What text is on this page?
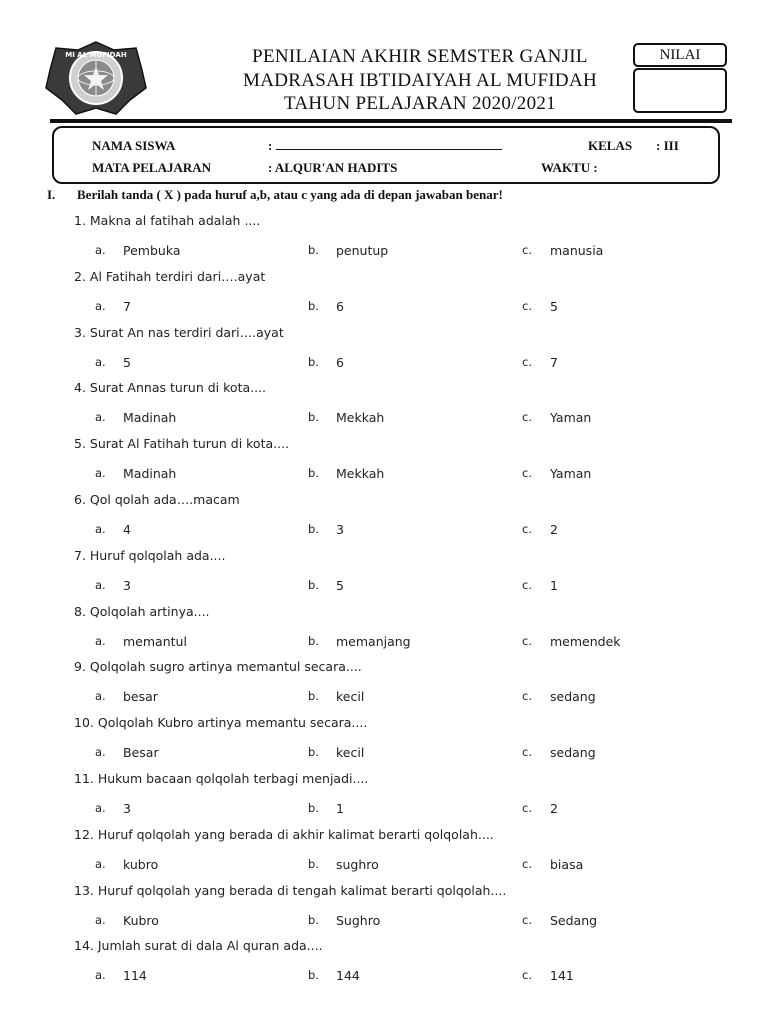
MI AL MUFIDAH	PENILAIAN AKHIR SEMSTER GANJIL
MADRASAH IBTIDAIYAH AL MUFIDAH
TAHUN PELAJARAN 2020/2021
NILAI
NAMA SISWA	:	KELAS : III
MATA PELAJARAN	: ALQUR'AN HADITS	WAKTU :
I. Berilah tanda ( X ) pada huruf a,b, atau c yang ada di depan jawaban benar!
1. Makna al fatihah adalah ....
a. Pembuka	b. penutup	c. manusia
2. Al Fatihah terdiri dari….ayat
a. 7	b. 6	c. 5
3. Surat An nas terdiri dari….ayat
a. 5	b. 6	c. 7
4. Surat Annas turun di kota....
a. Madinah	b. Mekkah	c. Yaman
5. Surat Al Fatihah turun di kota....
a. Madinah	b. Mekkah	c. Yaman
6. Qol qolah ada….macam
a. 4	b. 3	c. 2
7. Huruf qolqolah ada....
a. 3	b. 5	c. 1
8. Qolqolah artinya....
a. memantul	b. memanjang	c. memendek
9. Qolqolah sugro artinya memantul secara....
a. besar	b. kecil	c. sedang
10. Qolqolah Kubro artinya memantu secara....
a. Besar	b. kecil	c. sedang
11. Hukum bacaan qolqolah terbagi menjadi....
a. 3	b. 1	c. 2
12. Huruf qolqolah yang berada di akhir kalimat berarti qolqolah....
a. kubro	b. sughro	c. biasa
13. Huruf qolqolah yang berada di tengah kalimat berarti qolqolah....
a. Kubro	b. Sughro	c. Sedang
14. Jumlah surat di dala Al quran ada....
a. 114	b. 144	c. 141
